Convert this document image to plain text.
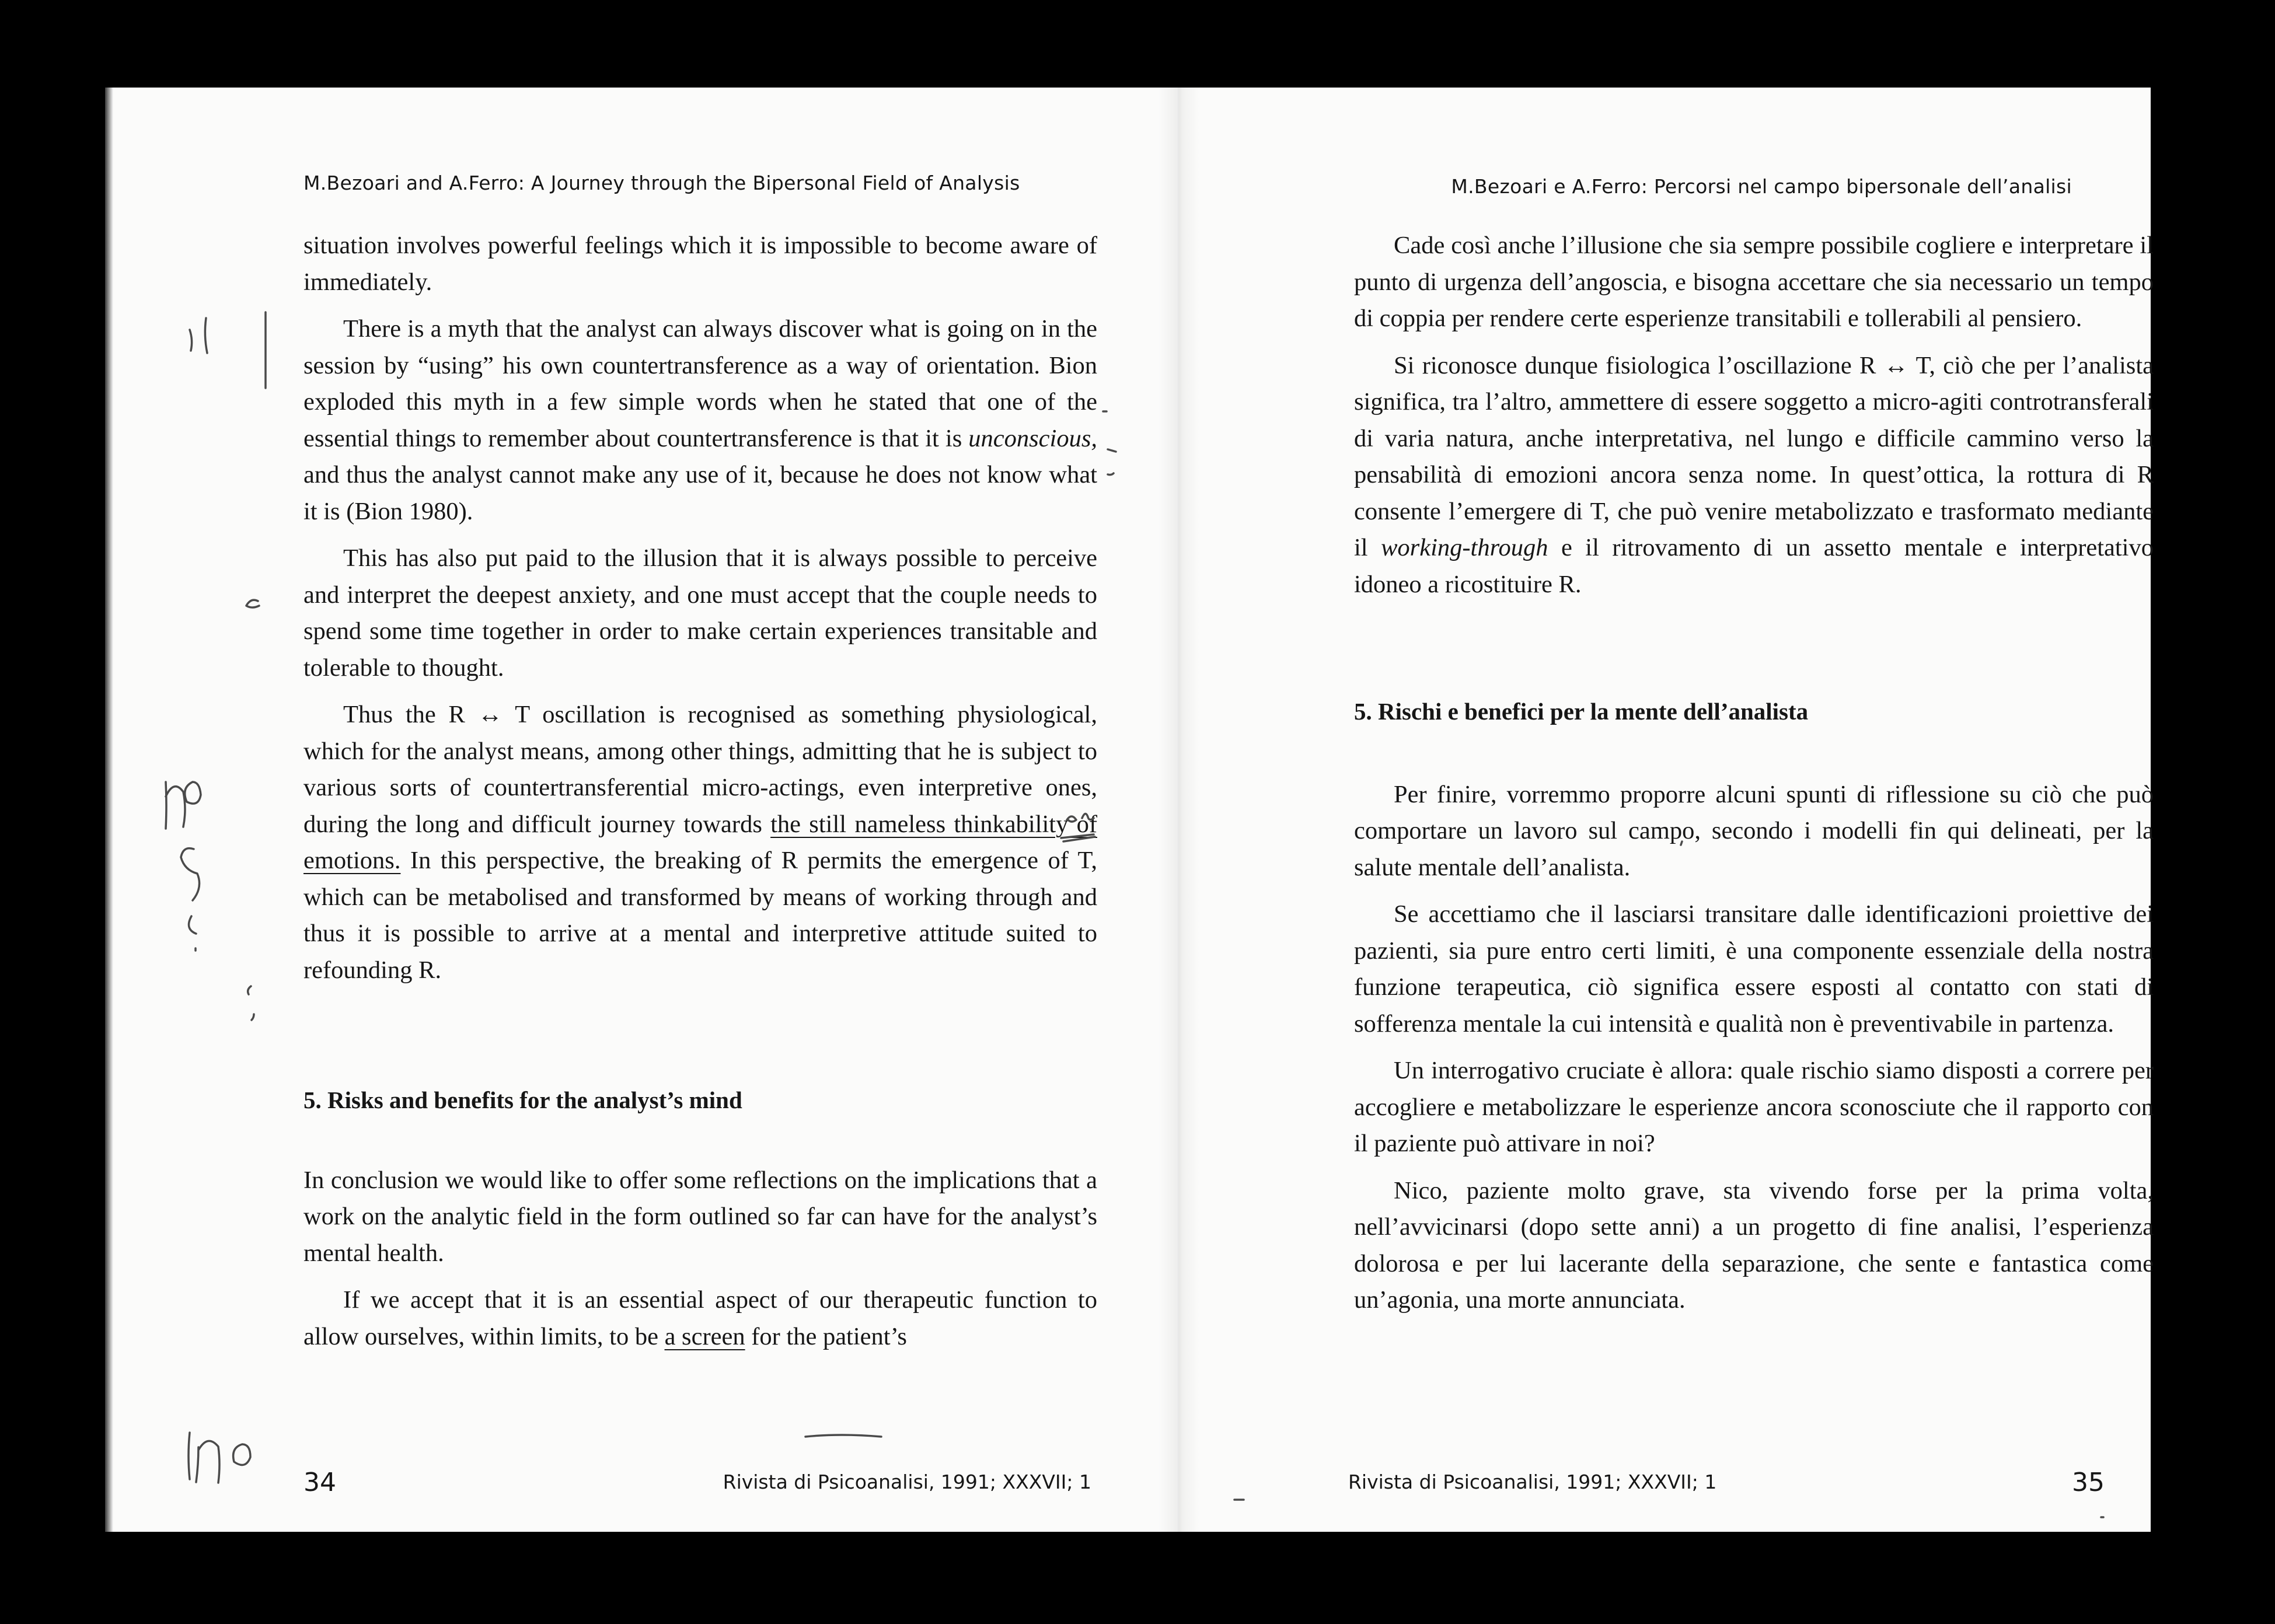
M.Bezoari and A.Ferro: A Journey through the Bipersonal Field of Analysis

situation involves powerful feelings which it is impossible to become aware of immediately.

There is a myth that the analyst can always discover what is going on in the session by “using” his own countertransference as a way of orientation. Bion exploded this myth in a few simple words when he stated that one of the essential things to remember about countertransference is that it is unconscious, and thus the analyst cannot make any use of it, because he does not know what it is (Bion 1980).

This has also put paid to the illusion that it is always possible to perceive and interpret the deepest anxiety, and one must accept that the couple needs to spend some time together in order to make certain experiences transitable and tolerable to thought.

Thus the R ↔ T oscillation is recognised as something physiological, which for the analyst means, among other things, admitting that he is subject to various sorts of countertransferential micro-actings, even interpretive ones, during the long and difficult journey towards the still nameless thinkability of emotions. In this perspective, the breaking of R permits the emergence of T, which can be metabolised and transformed by means of working through and thus it is possible to arrive at a mental and interpretive attitude suited to refounding R.

5. Risks and benefits for the analyst’s mind

In conclusion we would like to offer some reflections on the implications that a work on the analytic field in the form outlined so far can have for the analyst’s mental health.

If we accept that it is an essential aspect of our therapeutic function to allow ourselves, within limits, to be a screen for the patient’s

34	Rivista di Psicoanalisi, 1991; XXXVII; 1
M.Bezoari e A.Ferro: Percorsi nel campo bipersonale dell’analisi

Cade così anche l’illusione che sia sempre possibile cogliere e interpretare il punto di urgenza dell’angoscia, e bisogna accettare che sia necessario un tempo di coppia per rendere certe esperienze transitabili e tollerabili al pensiero.

Si riconosce dunque fisiologica l’oscillazione R ↔ T, ciò che per l’analista significa, tra l’altro, ammettere di essere soggetto a micro-agiti controtransferali di varia natura, anche interpretativa, nel lungo e difficile cammino verso la pensabilità di emozioni ancora senza nome. In quest’ottica, la rottura di R consente l’emergere di T, che può venire metabolizzato e trasformato mediante il working-through e il ritrovamento di un assetto mentale e interpretativo idoneo a ricostituire R.

5. Rischi e benefici per la mente dell’analista

Per finire, vorremmo proporre alcuni spunti di riflessione su ciò che può comportare un lavoro sul campo, secondo i modelli fin qui delineati, per la salute mentale dell’analista.

Se accettiamo che il lasciarsi transitare dalle identificazioni proiettive dei pazienti, sia pure entro certi limiti, è una componente essenziale della nostra funzione terapeutica, ciò significa essere esposti al contatto con stati di sofferenza mentale la cui intensità e qualità non è preventivabile in partenza.

Un interrogativo cruciate è allora: quale rischio siamo disposti a correre per accogliere e metabolizzare le esperienze ancora sconosciute che il rapporto con il paziente può attivare in noi?

Nico, paziente molto grave, sta vivendo forse per la prima volta, nell’avvicinarsi (dopo sette anni) a un progetto di fine analisi, l’esperienza dolorosa e per lui lacerante della separazione, che sente e fantastica come un’agonia, una morte annunciata.

Rivista di Psicoanalisi, 1991; XXXVII; 1	35
